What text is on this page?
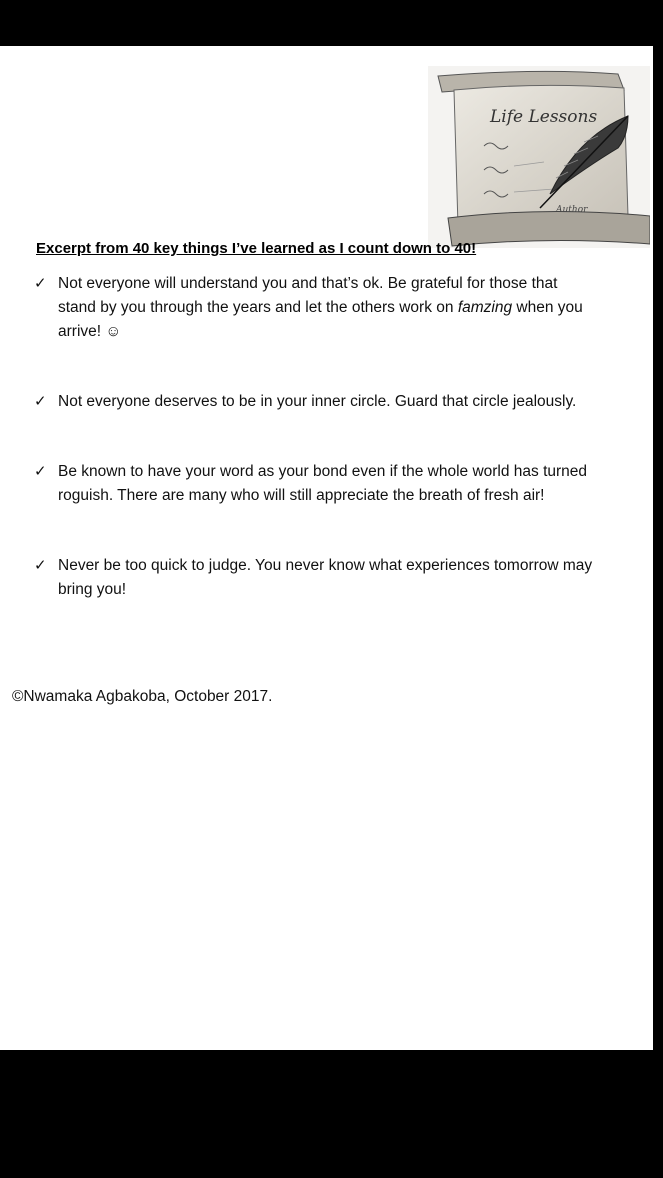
Life Lessons
Author
Excerpt from 40 key things I’ve learned as I count down to 40!
✓ Not everyone will understand you and that’s ok. Be grateful for those that stand by you through the years and let the others work on famzing when you arrive! ☺
✓ Not everyone deserves to be in your inner circle. Guard that circle jealously.
✓ Be known to have your word as your bond even if the whole world has turned roguish. There are many who will still appreciate the breath of fresh air!
✓ Never be too quick to judge. You never know what experiences tomorrow may bring you!
©Nwamaka Agbakoba, October 2017.
